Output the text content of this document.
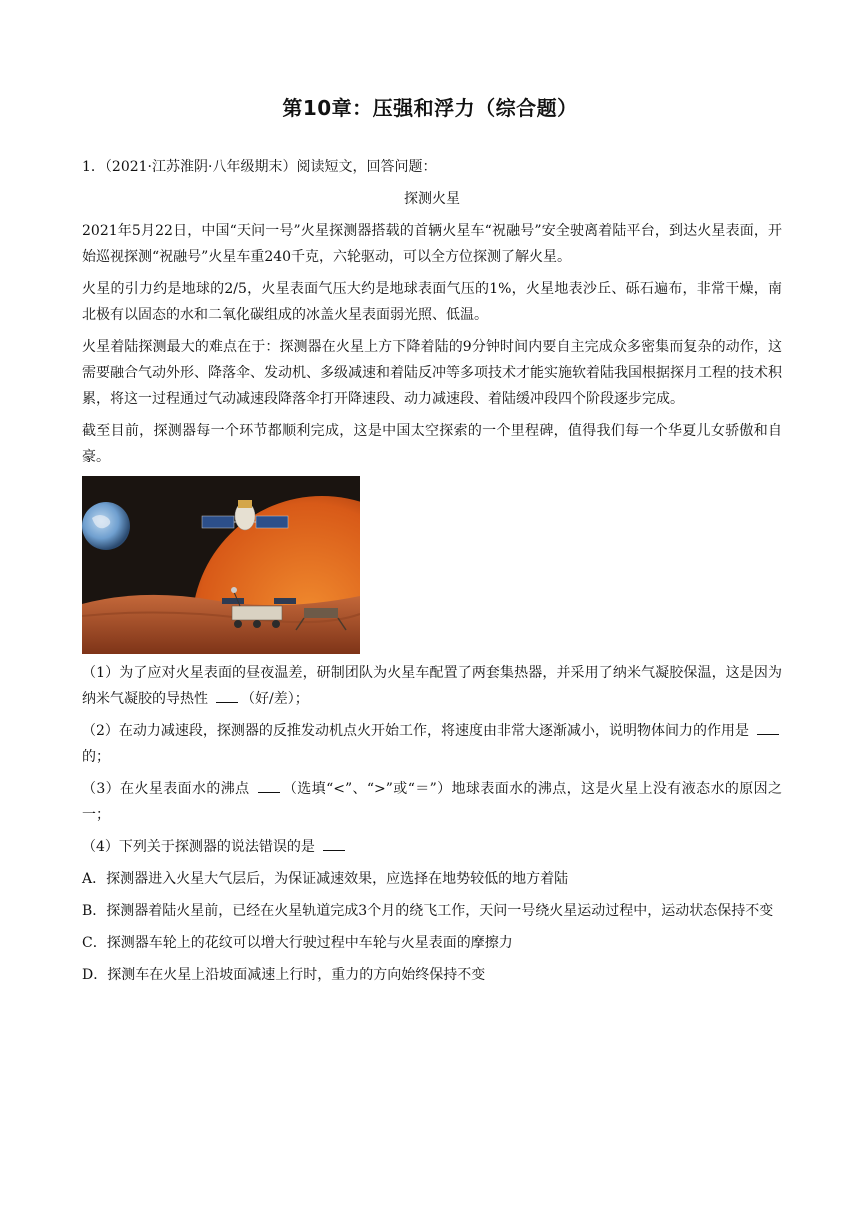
第10章：压强和浮力（综合题）

1．（2021·江苏淮阴·八年级期末）阅读短文，回答问题：

探测火星

2021年5月22日，中国“天问一号”火星探测器搭载的首辆火星车“祝融号”安全驶离着陆平台，到达火星表面，开始巡视探测“祝融号”火星车重240千克，六轮驱动，可以全方位探测了解火星。

火星的引力约是地球的2/5，火星表面气压大约是地球表面气压的1%，火星地表沙丘、砾石遍布，非常干燥，南北极有以固态的水和二氧化碳组成的冰盖火星表面弱光照、低温。

火星着陆探测最大的难点在于：探测器在火星上方下降着陆的9分钟时间内要自主完成众多密集而复杂的动作，这需要融合气动外形、降落伞、发动机、多级减速和着陆反冲等多项技术才能实施软着陆我国根据探月工程的技术积累，将这一过程通过气动减速段降落伞打开降速段、动力减速段、着陆缓冲段四个阶段逐步完成。

截至目前，探测器每一个环节都顺利完成，这是中国太空探索的一个里程碑，值得我们每一个华夏儿女骄傲和自豪。

（1）为了应对火星表面的昼夜温差，研制团队为火星车配置了两套集热器，并采用了纳米气凝胶保温，这是因为纳米气凝胶的导热性 （好/差）；

（2）在动力减速段，探测器的反推发动机点火开始工作，将速度由非常大逐渐减小，说明物体间力的作用是的；

（3）在火星表面水的沸点 （选填“<”、“>”或“＝”）地球表面水的沸点，这是火星上没有液态水的原因之一；

（4）下列关于探测器的说法错误的是

A．探测器进入火星大气层后，为保证减速效果，应选择在地势较低的地方着陆

B．探测器着陆火星前，已经在火星轨道完成3个月的绕飞工作，天问一号绕火星运动过程中，运动状态保持不变

C．探测器车轮上的花纹可以增大行驶过程中车轮与火星表面的摩擦力

D．探测车在火星上沿坡面减速上行时，重力的方向始终保持不变
